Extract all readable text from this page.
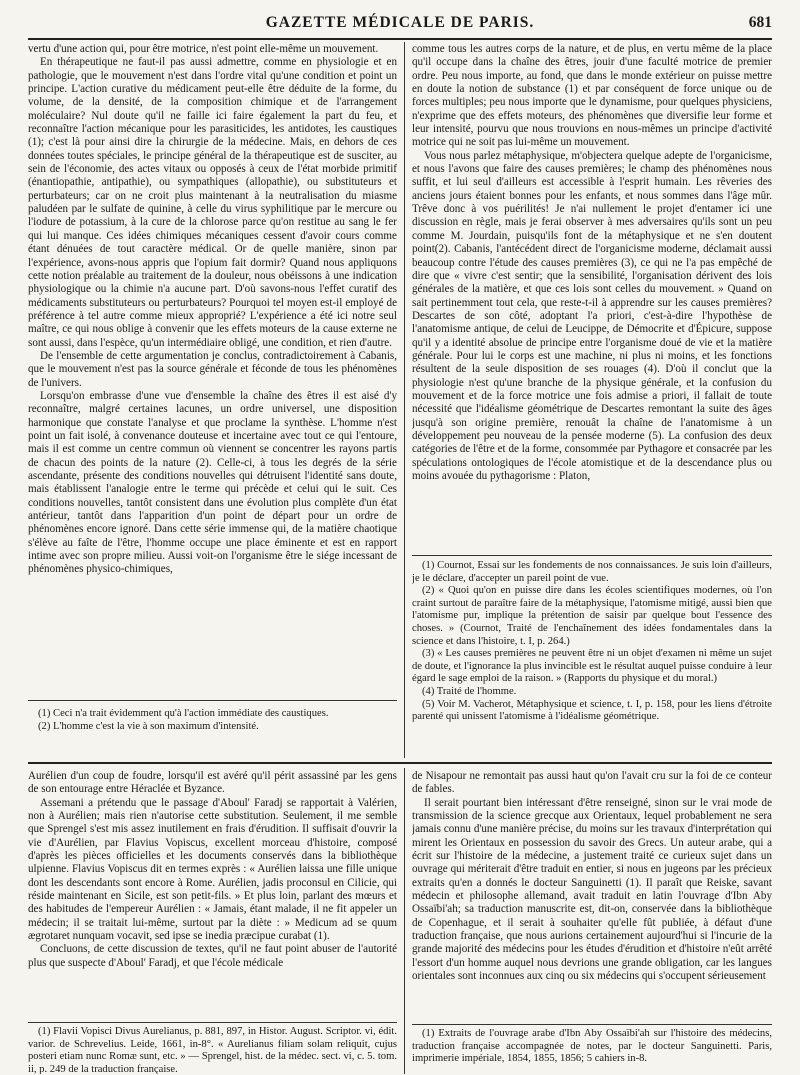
GAZETTE MÉDICALE DE PARIS.	681

vertu d'une action qui, pour être motrice, n'est point elle-même un mouvement.

En thérapeutique ne faut-il pas aussi admettre, comme en physiologie et en pathologie, que le mouvement n'est dans l'ordre vital qu'une condition et point un principe. L'action curative du médicament peut-elle être déduite de la forme, du volume, de la densité, de la composition chimique et de l'arrangement moléculaire? Nul doute qu'il ne faille ici faire également la part du feu, et reconnaître l'action mécanique pour les parasiticides, les antidotes, les caustiques (1); c'est là pour ainsi dire la chirurgie de la médecine. Mais, en dehors de ces données toutes spéciales, le principe général de la thérapeutique est de susciter, au sein de l'économie, des actes vitaux ou opposés à ceux de l'état morbide primitif (énantiopathie, antipathie), ou sympathiques (allopathie), ou substituteurs et perturbateurs; car on ne croit plus maintenant à la neutralisation du miasme paludéen par le sulfate de quinine, à celle du virus syphilitique par le mercure ou l'iodure de potassium, à la cure de la chlorose parce qu'on restitue au sang le fer qui lui manque. Ces idées chimiques mécaniques cessent d'avoir cours comme étant dénuées de tout caractère médical. Or de quelle manière, sinon par l'expérience, avons-nous appris que l'opium fait dormir? Quand nous appliquons cette notion préalable au traitement de la douleur, nous obéissons à une indication physiologique ou la chimie n'a aucune part. D'où savons-nous l'effet curatif des médicaments substituteurs ou perturbateurs? Pourquoi tel moyen est-il employé de préférence à tel autre comme mieux approprié? L'expérience a été ici notre seul maître, ce qui nous oblige à convenir que les effets moteurs de la cause externe ne sont aussi, dans l'espèce, qu'un intermédiaire obligé, une condition, et rien d'autre.

De l'ensemble de cette argumentation je conclus, contradictoirement à Cabanis, que le mouvement n'est pas la source générale et féconde de tous les phénomènes de l'univers.

Lorsqu'on embrasse d'une vue d'ensemble la chaîne des êtres il est aisé d'y reconnaître, malgré certaines lacunes, un ordre universel, une disposition harmonique que constate l'analyse et que proclame la synthèse. L'homme n'est point un fait isolé, à convenance douteuse et incertaine avec tout ce qui l'entoure, mais il est comme un centre commun où viennent se concentrer les rayons partis de chacun des points de la nature (2). Celle-ci, à tous les degrés de la série ascendante, présente des conditions nouvelles qui détruisent l'identité sans doute, mais établissent l'analogie entre le terme qui précède et celui qui le suit. Ces conditions nouvelles, tantôt consistent dans une évolution plus complète d'un état antérieur, tantôt dans l'apparition d'un point de départ pour un ordre de phénomènes encore ignoré. Dans cette série immense qui, de la matière chaotique s'élève au faîte de l'être, l'homme occupe une place éminente et est en rapport intime avec son propre milieu. Aussi voit-on l'organisme être le siége incessant de phénomènes physico-chimiques,

comme tous les autres corps de la nature, et de plus, en vertu même de la place qu'il occupe dans la chaîne des êtres, jouir d'une faculté motrice de premier ordre. Peu nous importe, au fond, que dans le monde extérieur on puisse mettre en doute la notion de substance (1) et par conséquent de force unique ou de forces multiples; peu nous importe que le dynamisme, pour quelques physiciens, n'exprime que des effets moteurs, des phénomènes que diversifie leur forme et leur intensité, pourvu que nous trouvions en nous-mêmes un principe d'activité motrice qui ne soit pas lui-même un mouvement.

Vous nous parlez métaphysique, m'objectera quelque adepte de l'organicisme, et nous l'avons que faire des causes premières; le champ des phénomènes nous suffit, et lui seul d'ailleurs est accessible à l'esprit humain. Les rêveries des anciens jours étaient bonnes pour les enfants, et nous sommes dans l'âge mûr. Trêve donc à vos puérilités! Je n'ai nullement le projet d'entamer ici une discussion en règle, mais je ferai observer à mes adversaires qu'ils sont un peu comme M. Jourdain, puisqu'ils font de la métaphysique et ne s'en doutent point(2). Cabanis, l'antécédent direct de l'organicisme moderne, déclamait aussi beaucoup contre l'étude des causes premières (3), ce qui ne l'a pas empêché de dire que « vivre c'est sentir; que la sensibilité, l'organisation dérivent des lois générales de la matière, et que ces lois sont celles du mouvement. » Quand on sait pertinemment tout cela, que reste-t-il à apprendre sur les causes premières? Descartes de son côté, adoptant l'a priori, c'est-à-dire l'hypothèse de l'anatomisme antique, de celui de Leucippe, de Démocrite et d'Épicure, suppose qu'il y a identité absolue de principe entre l'organisme doué de vie et la matière générale. Pour lui le corps est une machine, ni plus ni moins, et les fonctions résultent de la seule disposition de ses rouages (4). D'où il conclut que la physiologie n'est qu'une branche de la physique générale, et la confusion du mouvement et de la force motrice une fois admise a priori, il fallait de toute nécessité que l'idéalisme géométrique de Descartes remontant la suite des âges jusqu'à son origine première, renouât la chaîne de l'anatomisme à un développement peu nouveau de la pensée moderne (5). La confusion des deux catégories de l'être et de la forme, consommée par Pythagore et consacrée par les spéculations ontologiques de l'école atomistique et de la descendance plus ou moins avouée du pythagorisme : Platon,

(1) Ceci n'a trait évidemment qu'à l'action immédiate des caustiques.

(2) L'homme c'est la vie à son maximum d'intensité.

(1) Cournot, Essai sur les fondements de nos connaissances. Je suis loin d'ailleurs, je le déclare, d'accepter un pareil point de vue.

(2) « Quoi qu'on en puisse dire dans les écoles scientifiques modernes, où l'on craint surtout de paraître faire de la métaphysique, l'atomisme mitigé, aussi bien que l'atomisme pur, implique la prétention de saisir par quelque bout l'essence des choses. » (Cournot, Traité de l'enchaînement des idées fondamentales dans la science et dans l'histoire, t. I, p. 264.)

(3) « Les causes premières ne peuvent être ni un objet d'examen ni même un sujet de doute, et l'ignorance la plus invincible est le résultat auquel puisse conduire à leur égard le sage emploi de la raison. » (Rapports du physique et du moral.)

(4) Traité de l'homme.

(5) Voir M. Vacherot, Métaphysique et science, t. I, p. 158, pour les liens d'étroite parenté qui unissent l'atomisme à l'idéalisme géométrique.

Aurélien d'un coup de foudre, lorsqu'il est avéré qu'il périt assassiné par les gens de son entourage entre Héraclée et Byzance.

Assemani a prétendu que le passage d'Aboul' Faradj se rapportait à Valérien, non à Aurélien; mais rien n'autorise cette substitution. Seulement, il me semble que Sprengel s'est mis assez inutilement en frais d'érudition. Il suffisait d'ouvrir la vie d'Aurélien, par Flavius Vopiscus, excellent morceau d'histoire, composé d'après les pièces officielles et les documents conservés dans la bibliothèque ulpienne. Flavius Vopiscus dit en termes exprès : « Aurélien laissa une fille unique dont les descendants sont encore à Rome. Aurélien, jadis proconsul en Cilicie, qui réside maintenant en Sicile, est son petit-fils. » Et plus loin, parlant des mœurs et des habitudes de l'empereur Aurélien : « Jamais, étant malade, il ne fit appeler un médecin; il se traitait lui-même, surtout par la diète : » Medicum ad se quum ægrotaret nunquam vocavit, sed ipse se inedia præcipue curabat (1).

Concluons, de cette discussion de textes, qu'il ne faut point abuser de l'autorité plus que suspecte d'Aboul' Faradj, et que l'école médicale

de Nisapour ne remontait pas aussi haut qu'on l'avait cru sur la foi de ce conteur de fables.

Il serait pourtant bien intéressant d'être renseigné, sinon sur le vrai mode de transmission de la science grecque aux Orientaux, lequel probablement ne sera jamais connu d'une manière précise, du moins sur les travaux d'interprétation qui mirent les Orientaux en possession du savoir des Grecs. Un auteur arabe, qui a écrit sur l'histoire de la médecine, a justement traité ce curieux sujet dans un ouvrage qui mériterait d'être traduit en entier, si nous en jugeons par les précieux extraits qu'en a donnés le docteur Sanguinetti (1). Il paraît que Reiske, savant médecin et philosophe allemand, avait traduit en latin l'ouvrage d'Ibn Aby Ossaïbi'ah; sa traduction manuscrite est, dit-on, conservée dans la bibliothèque de Copenhague, et il serait à souhaiter qu'elle fût publiée, à défaut d'une traduction française, que nous aurions certainement aujourd'hui si l'incurie de la grande majorité des médecins pour les études d'érudition et d'histoire n'eût arrêté l'essort d'un homme auquel nous devrions une grande obligation, car les langues orientales sont inconnues aux cinq ou six médecins qui s'occupent sérieusement

(1) Flavii Vopisci Divus Aurelianus, p. 881, 897, in Histor. August. Scriptor. vi, édit. varior. de Schrevelius. Leide, 1661, in-8°. « Aurelianus filiam solam reliquit, cujus posteri etiam nunc Romæ sunt, etc. » — Sprengel, hist. de la médec. sect. vi, c. 5. tom. ii, p. 249 de la traduction française.

(1) Extraits de l'ouvrage arabe d'Ibn Aby Ossaïbi'ah sur l'histoire des médecins, traduction française accompagnée de notes, par le docteur Sanguinetti. Paris, imprimerie impériale, 1854, 1855, 1856; 5 cahiers in-8.
